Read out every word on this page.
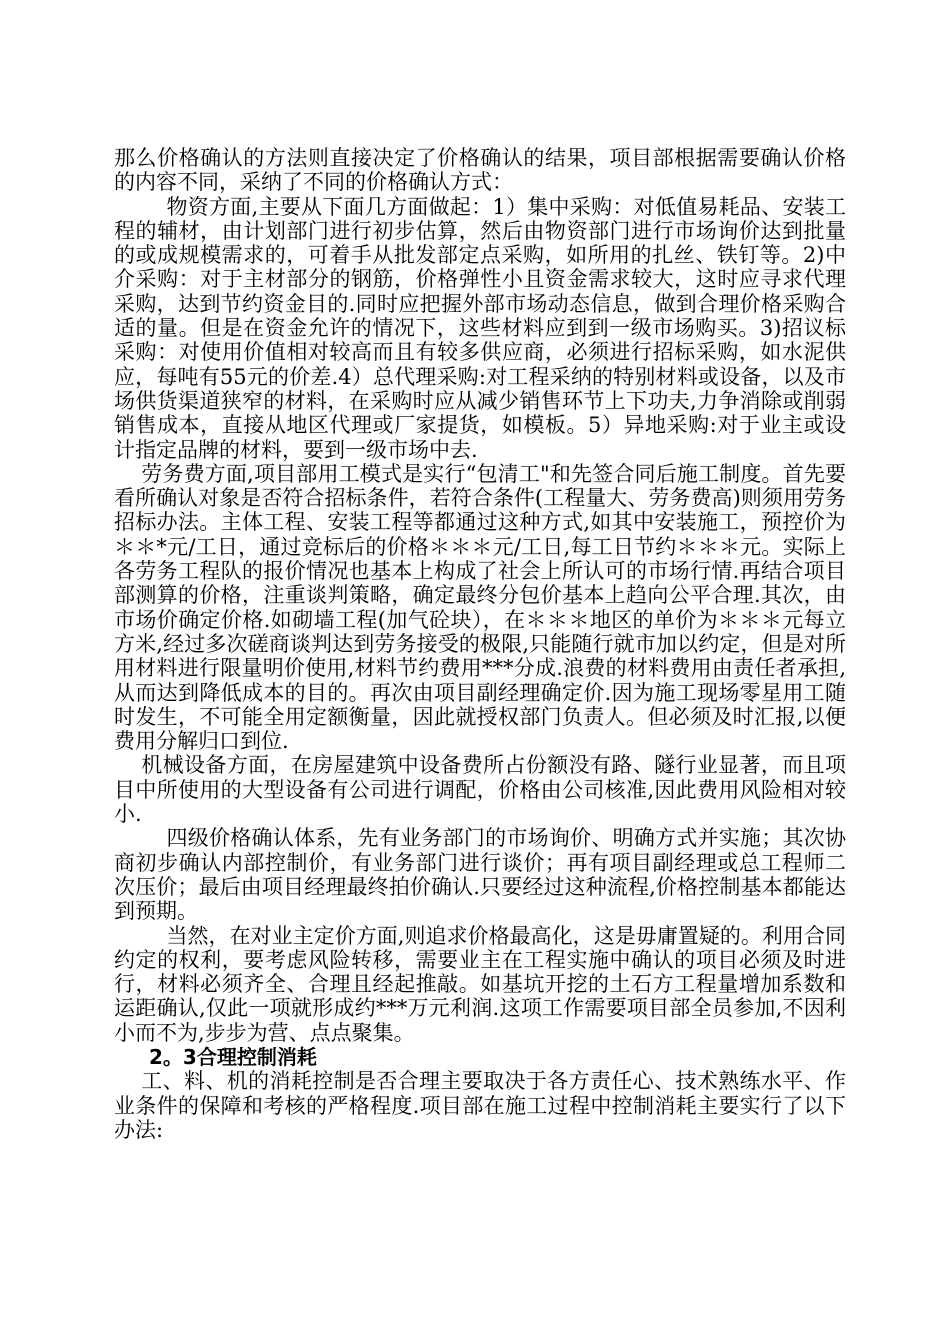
那么价格确认的方法则直接决定了价格确认的结果，项目部根据需要确认价格的内容不同，采纳了不同的价格确认方式：

物资方面,主要从下面几方面做起：1）集中采购：对低值易耗品、安装工程的辅材，由计划部门进行初步估算，然后由物资部门进行市场询价达到批量的或成规模需求的，可着手从批发部定点采购，如所用的扎丝、铁钉等。2)中介采购：对于主材部分的钢筋，价格弹性小且资金需求较大，这时应寻求代理采购，达到节约资金目的.同时应把握外部市场动态信息，做到合理价格采购合适的量。但是在资金允许的情况下，这些材料应到到一级市场购买。3)招议标采购：对使用价值相对较高而且有较多供应商，必须进行招标采购，如水泥供应，每吨有55元的价差.4）总代理采购:对工程采纳的特别材料或设备，以及市场供货渠道狭窄的材料，在采购时应从减少销售环节上下功夫,力争消除或削弱销售成本，直接从地区代理或厂家提货，如模板。5）异地采购:对于业主或设计指定品牌的材料，要到一级市场中去.

劳务费方面,项目部用工模式是实行“包清工"和先签合同后施工制度。首先要看所确认对象是否符合招标条件，若符合条件(工程量大、劳务费高)则须用劳务招标办法。主体工程、安装工程等都通过这种方式,如其中安装施工，预控价为＊＊*元/工日，通过竞标后的价格＊＊＊元/工日,每工日节约＊＊＊元。实际上各劳务工程队的报价情况也基本上构成了社会上所认可的市场行情.再结合项目部测算的价格，注重谈判策略，确定最终分包价基本上趋向公平合理.其次，由市场价确定价格.如砌墙工程(加气砼块），在＊＊＊地区的单价为＊＊＊元每立方米,经过多次磋商谈判达到劳务接受的极限,只能随行就市加以约定，但是对所用材料进行限量明价使用,材料节约费用***分成.浪费的材料费用由责任者承担,从而达到降低成本的目的。再次由项目副经理确定价.因为施工现场零星用工随时发生，不可能全用定额衡量，因此就授权部门负责人。但必须及时汇报,以便费用分解归口到位.

机械设备方面，在房屋建筑中设备费所占份额没有路、隧行业显著，而且项目中所使用的大型设备有公司进行调配，价格由公司核准,因此费用风险相对较小.

四级价格确认体系，先有业务部门的市场询价、明确方式并实施；其次协商初步确认内部控制价，有业务部门进行谈价；再有项目副经理或总工程师二次压价；最后由项目经理最终拍价确认.只要经过这种流程,价格控制基本都能达到预期。

当然，在对业主定价方面,则追求价格最高化，这是毋庸置疑的。利用合同约定的权利，要考虑风险转移，需要业主在工程实施中确认的项目必须及时进行，材料必须齐全、合理且经起推敲。如基坑开挖的土石方工程量增加系数和运距确认,仅此一项就形成约***万元利润.这项工作需要项目部全员参加,不因利小而不为,步步为营、点点聚集。

2。3合理控制消耗

工、料、机的消耗控制是否合理主要取决于各方责任心、技术熟练水平、作业条件的保障和考核的严格程度.项目部在施工过程中控制消耗主要实行了以下办法:
